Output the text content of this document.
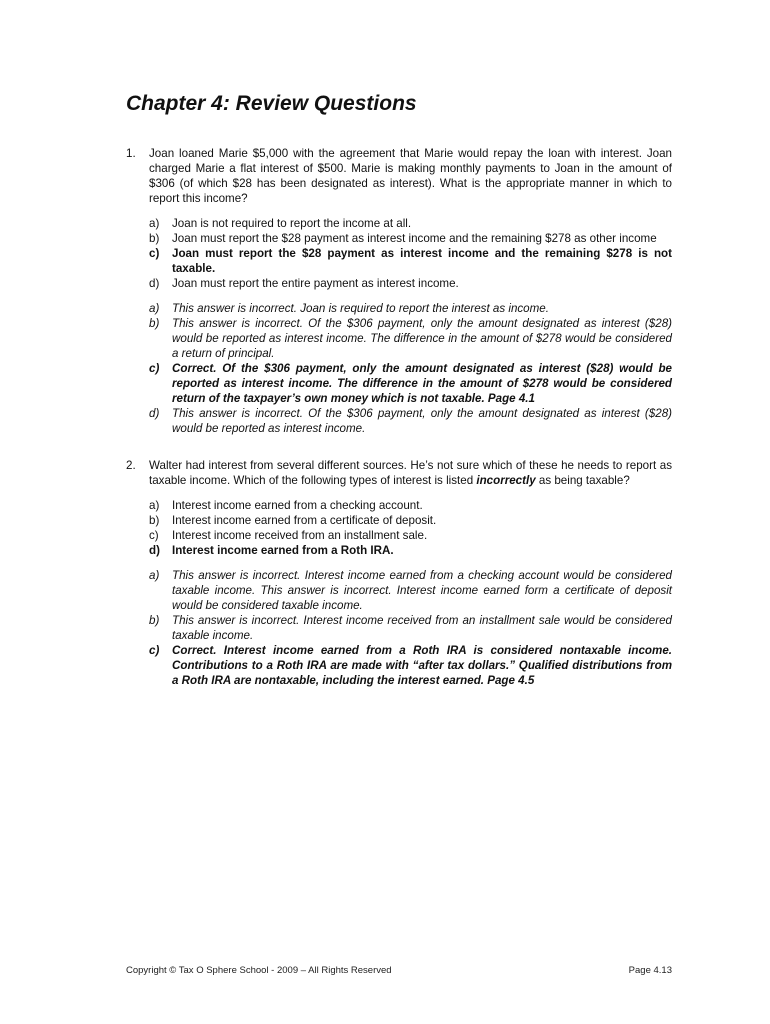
Chapter 4: Review Questions
1. Joan loaned Marie $5,000 with the agreement that Marie would repay the loan with interest. Joan charged Marie a flat interest of $500. Marie is making monthly payments to Joan in the amount of $306 (of which $28 has been designated as interest). What is the appropriate manner in which to report this income?
a) Joan is not required to report the income at all.
b) Joan must report the $28 payment as interest income and the remaining $278 as other income
c) Joan must report the $28 payment as interest income and the remaining $278 is not taxable.
d) Joan must report the entire payment as interest income.
a) This answer is incorrect. Joan is required to report the interest as income.
b) This answer is incorrect. Of the $306 payment, only the amount designated as interest ($28) would be reported as interest income. The difference in the amount of $278 would be considered a return of principal.
c) Correct. Of the $306 payment, only the amount designated as interest ($28) would be reported as interest income. The difference in the amount of $278 would be considered return of the taxpayer’s own money which is not taxable. Page 4.1
d) This answer is incorrect. Of the $306 payment, only the amount designated as interest ($28) would be reported as interest income.
2. Walter had interest from several different sources. He’s not sure which of these he needs to report as taxable income. Which of the following types of interest is listed incorrectly as being taxable?
a) Interest income earned from a checking account.
b) Interest income earned from a certificate of deposit.
c) Interest income received from an installment sale.
d) Interest income earned from a Roth IRA.
a) This answer is incorrect. Interest income earned from a checking account would be considered taxable income. This answer is incorrect. Interest income earned form a certificate of deposit would be considered taxable income.
b) This answer is incorrect. Interest income received from an installment sale would be considered taxable income.
c) Correct. Interest income earned from a Roth IRA is considered nontaxable income. Contributions to a Roth IRA are made with “after tax dollars.” Qualified distributions from a Roth IRA are nontaxable, including the interest earned. Page 4.5
Copyright © Tax O Sphere School - 2009 – All Rights Reserved	Page 4.13
